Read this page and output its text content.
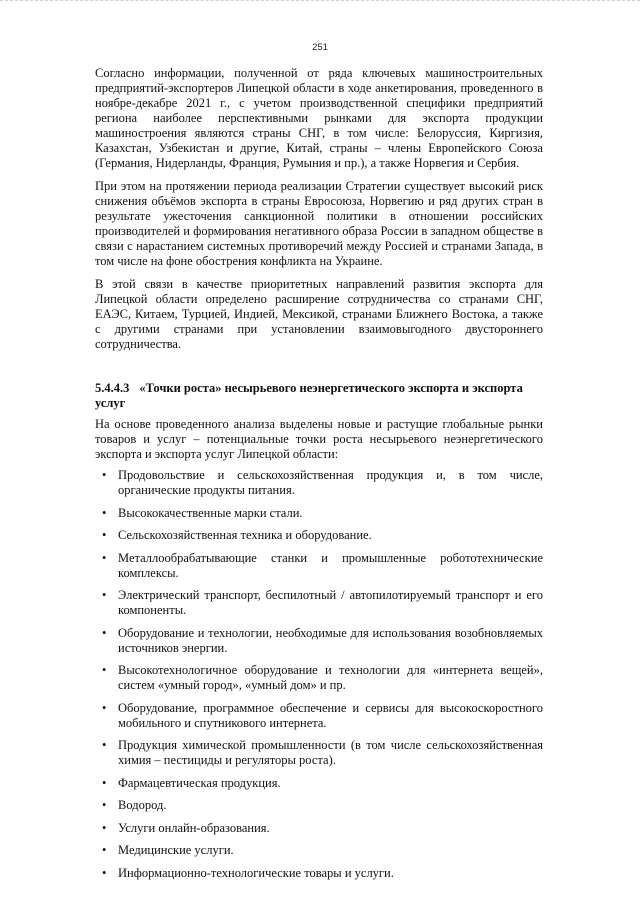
251

Согласно информации, полученной от ряда ключевых машиностроительных предприятий-экспортеров Липецкой области в ходе анкетирования, проведенного в ноябре-декабре 2021 г., с учетом производственной специфики предприятий региона наиболее перспективными рынками для экспорта продукции машиностроения являются страны СНГ, в том числе: Белоруссия, Киргизия, Казахстан, Узбекистан и другие, Китай, страны – члены Европейского Союза (Германия, Нидерланды, Франция, Румыния и пр.), а также Норвегия и Сербия.

При этом на протяжении периода реализации Стратегии существует высокий риск снижения объёмов экспорта в страны Евросоюза, Норвегию и ряд других стран в результате ужесточения санкционной политики в отношении российских производителей и формирования негативного образа России в западном обществе в связи с нарастанием системных противоречий между Россией и странами Запада, в том числе на фоне обострения конфликта на Украине.

В этой связи в качестве приоритетных направлений развития экспорта для Липецкой области определено расширение сотрудничества со странами СНГ, ЕАЭС, Китаем, Турцией, Индией, Мексикой, странами Ближнего Востока, а также с другими странами при установлении взаимовыгодного двустороннего сотрудничества.

5.4.4.3 «Точки роста» несырьевого неэнергетического экспорта и экспорта услуг

На основе проведенного анализа выделены новые и растущие глобальные рынки товаров и услуг – потенциальные точки роста несырьевого неэнергетического экспорта и экспорта услуг Липецкой области:

• Продовольствие и сельскохозяйственная продукция и, в том числе, органические продукты питания.
• Высококачественные марки стали.
• Сельскохозяйственная техника и оборудование.
• Металлообрабатывающие станки и промышленные робототехнические комплексы.
• Электрический транспорт, беспилотный / автопилотируемый транспорт и его компоненты.
• Оборудование и технологии, необходимые для использования возобновляемых источников энергии.
• Высокотехнологичное оборудование и технологии для «интернета вещей», систем «умный город», «умный дом» и пр.
• Оборудование, программное обеспечение и сервисы для высокоскоростного мобильного и спутникового интернета.
• Продукция химической промышленности (в том числе сельскохозяйственная химия – пестициды и регуляторы роста).
• Фармацевтическая продукция.
• Водород.
• Услуги онлайн-образования.
• Медицинские услуги.
• Информационно-технологические товары и услуги.
